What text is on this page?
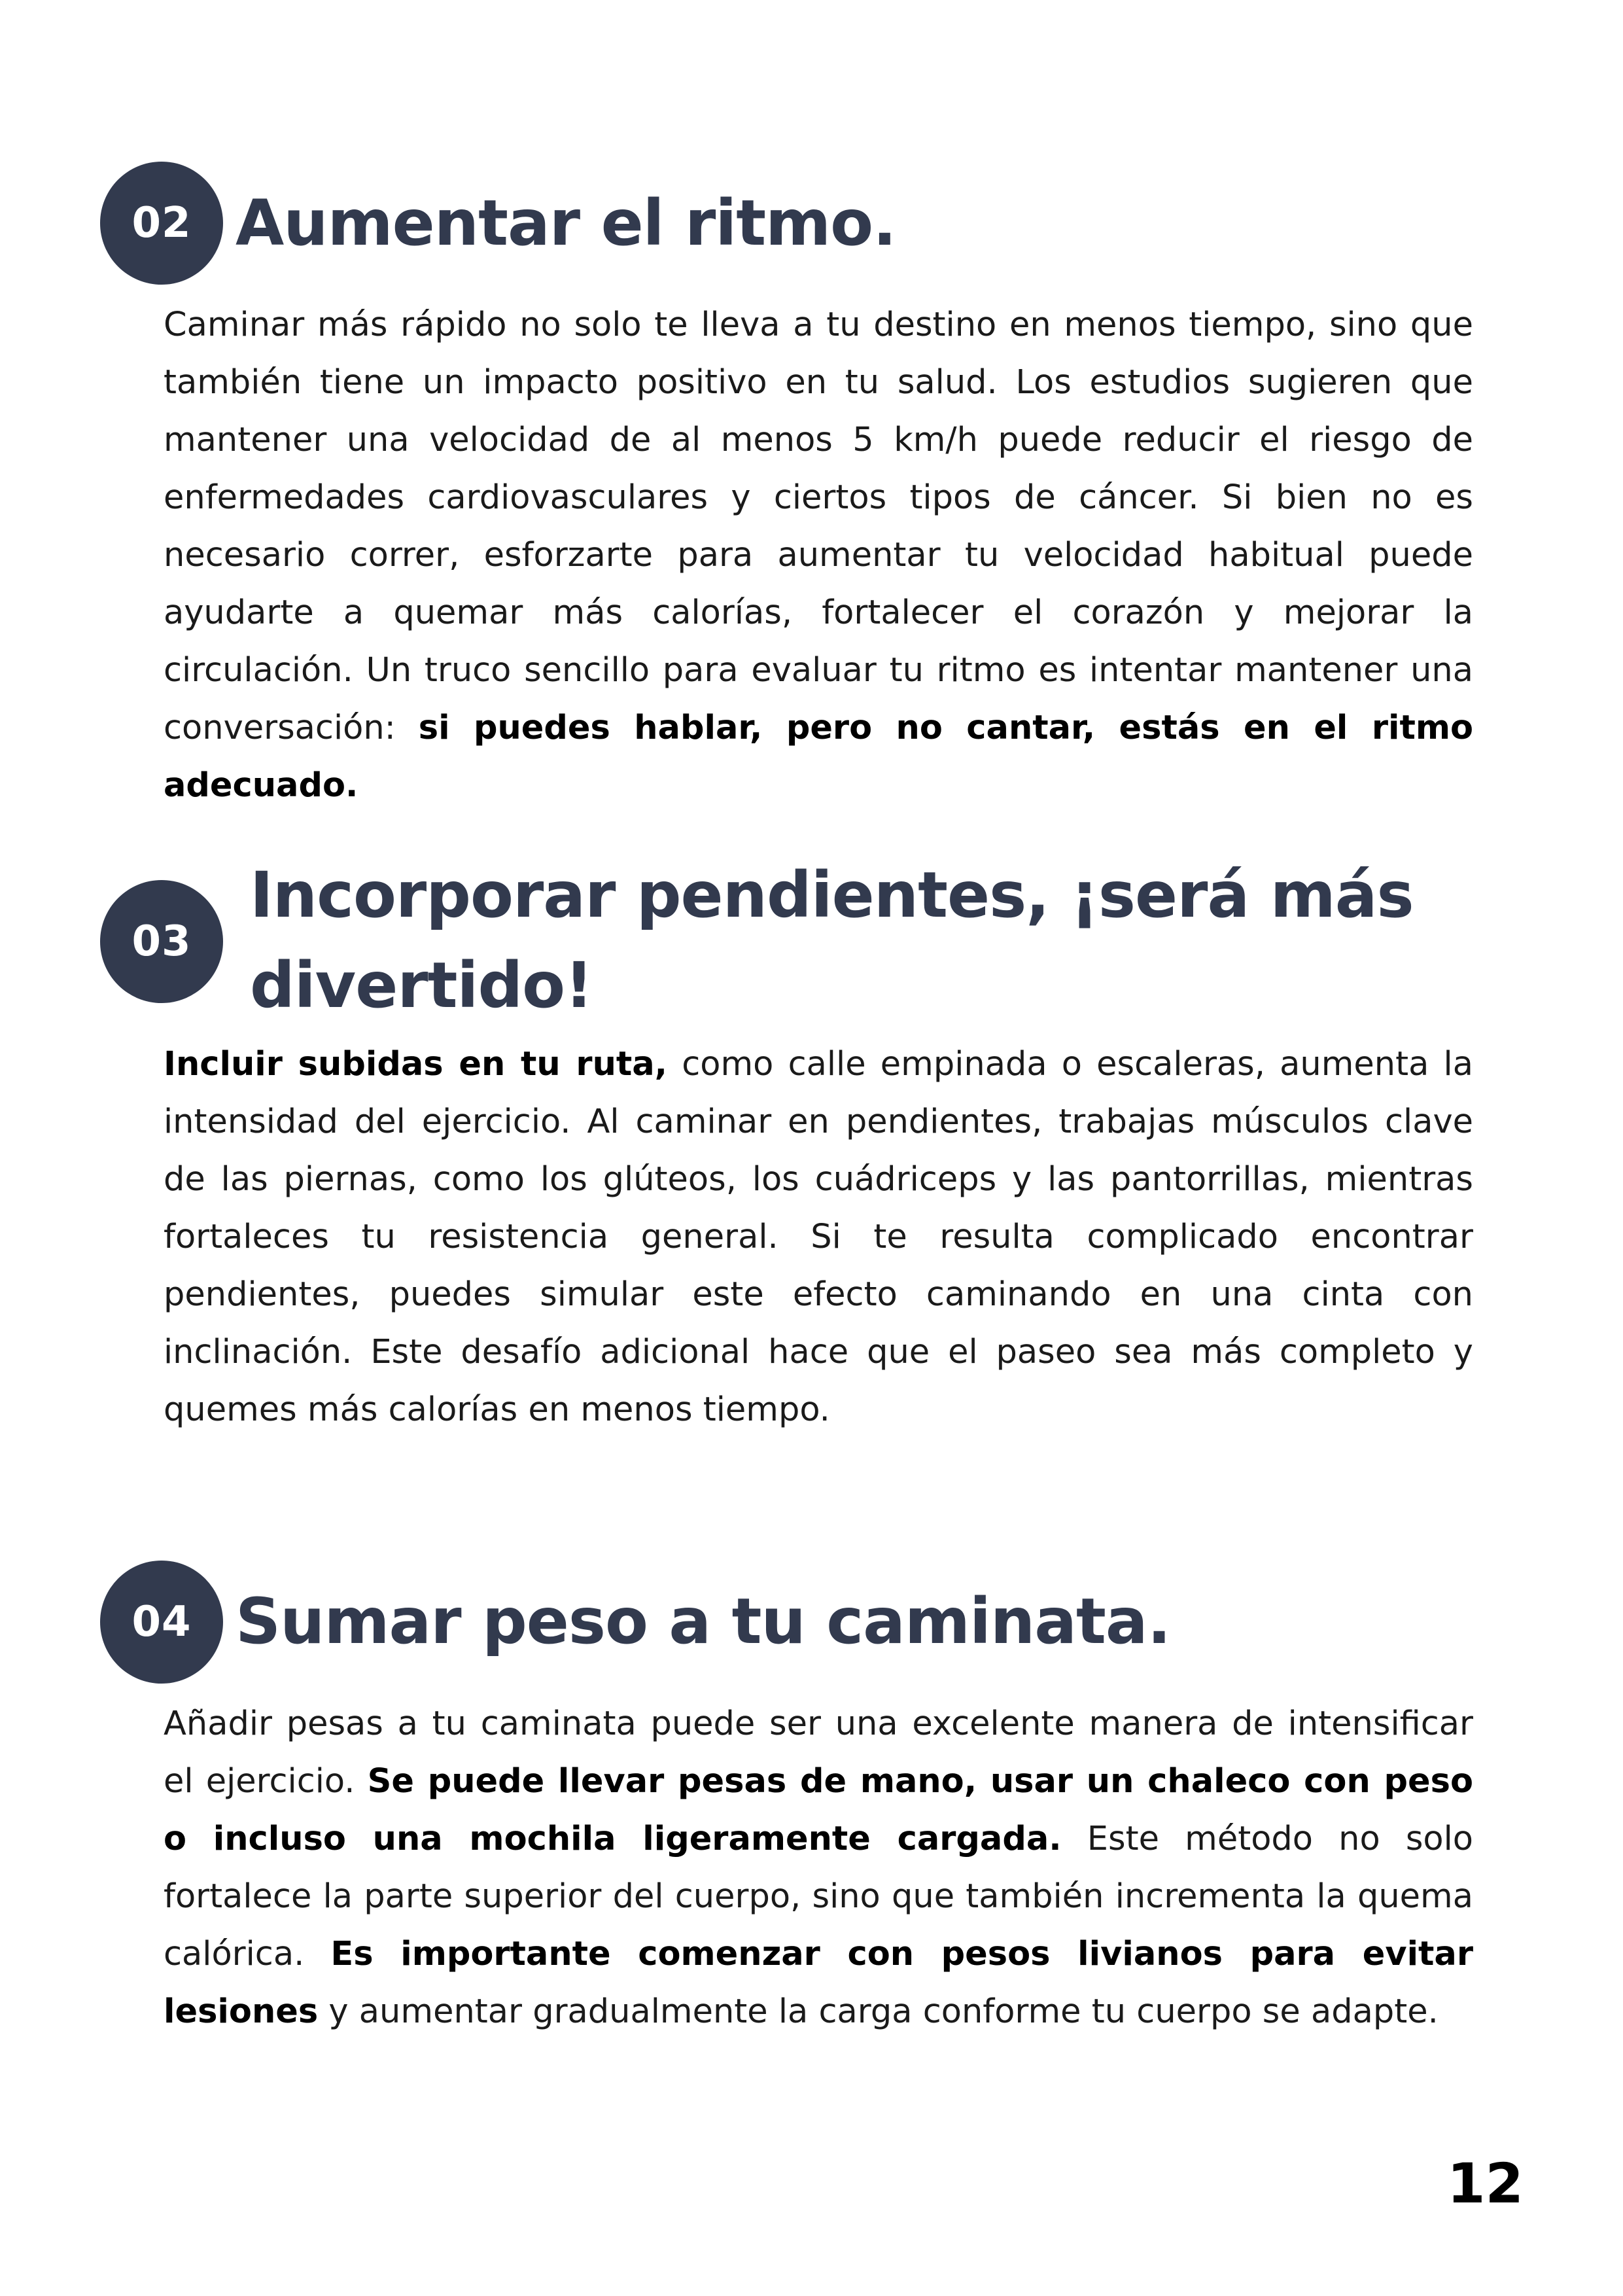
02 Aumentar el ritmo.

Caminar más rápido no solo te lleva a tu destino en menos tiempo, sino que también tiene un impacto positivo en tu salud. Los estudios sugieren que mantener una velocidad de al menos 5 km/h puede reducir el riesgo de enfermedades cardiovasculares y ciertos tipos de cáncer. Si bien no es necesario correr, esforzarte para aumentar tu velocidad habitual puede ayudarte a quemar más calorías, fortalecer el corazón y mejorar la circulación. Un truco sencillo para evaluar tu ritmo es intentar mantener una conversación: si puedes hablar, pero no cantar, estás en el ritmo adecuado.

03
Incorporar pendientes, ¡será más
divertido!

Incluir subidas en tu ruta, como calle empinada o escaleras, aumenta la intensidad del ejercicio. Al caminar en pendientes, trabajas músculos clave de las piernas, como los glúteos, los cuádriceps y las pantorrillas, mientras fortaleces tu resistencia general. Si te resulta complicado encontrar pendientes, puedes simular este efecto caminando en una cinta con inclinación. Este desafío adicional hace que el paseo sea más completo y quemes más calorías en menos tiempo.

04 Sumar peso a tu caminata.

Añadir pesas a tu caminata puede ser una excelente manera de intensificar el ejercicio. Se puede llevar pesas de mano, usar un chaleco con peso o incluso una mochila ligeramente cargada. Este método no solo fortalece la parte superior del cuerpo, sino que también incrementa la quema calórica. Es importante comenzar con pesos livianos para evitar lesiones y aumentar gradualmente la carga conforme tu cuerpo se adapte.

12
